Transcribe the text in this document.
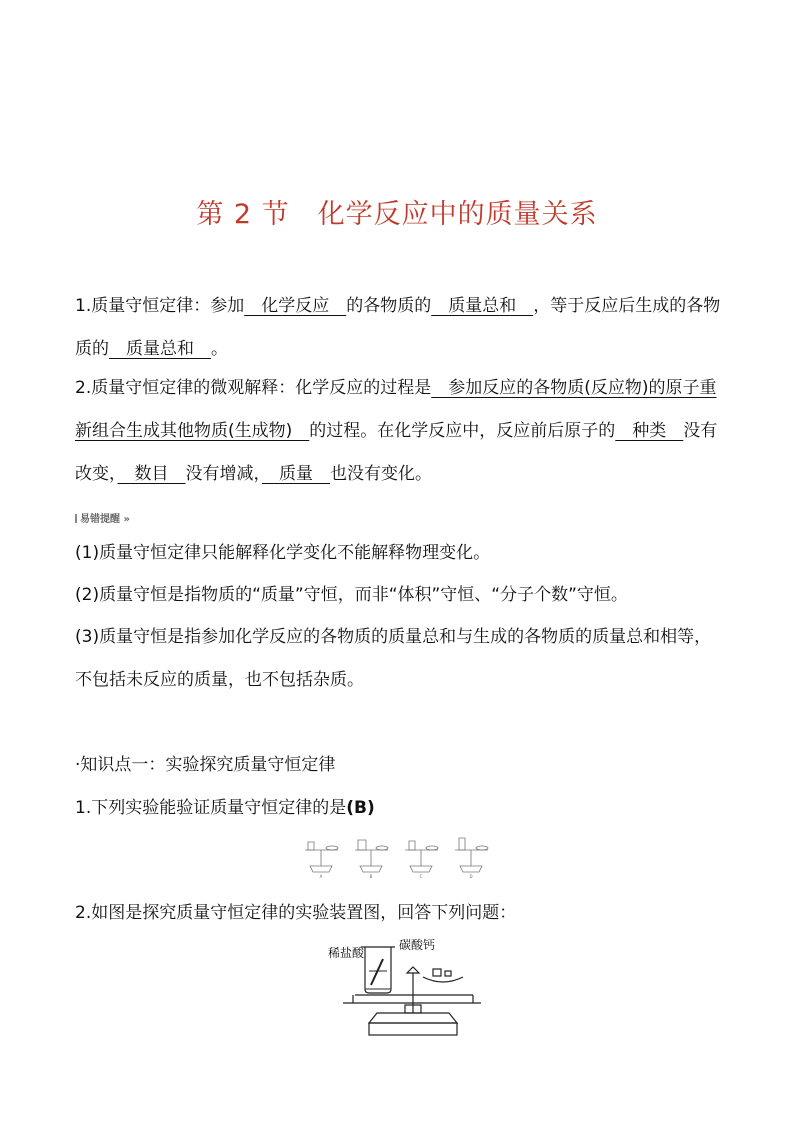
第 2 节　化学反应中的质量关系
1.质量守恒定律：参加　化学反应　的各物质的　质量总和　，等于反应后生成的各物质的　质量总和　。
2.质量守恒定律的微观解释：化学反应的过程是　参加反应的各物质(反应物)的原子重新组合生成其他物质(生成物)　的过程。在化学反应中，反应前后原子的　种类　没有改变，　数目　没有增减，　质量　也没有变化。
易错提醒 »
(1)质量守恒定律只能解释化学变化不能解释物理变化。
(2)质量守恒是指物质的“质量”守恒，而非“体积”守恒、“分子个数”守恒。
(3)质量守恒是指参加化学反应的各物质的质量总和与生成的各物质的质量总和相等，不包括未反应的质量，也不包括杂质。
·知识点一：实验探究质量守恒定律
1.下列实验能验证质量守恒定律的是(B)
A	B	C	D
2.如图是探究质量守恒定律的实验装置图，回答下列问题：
稀盐酸
碳酸钙
